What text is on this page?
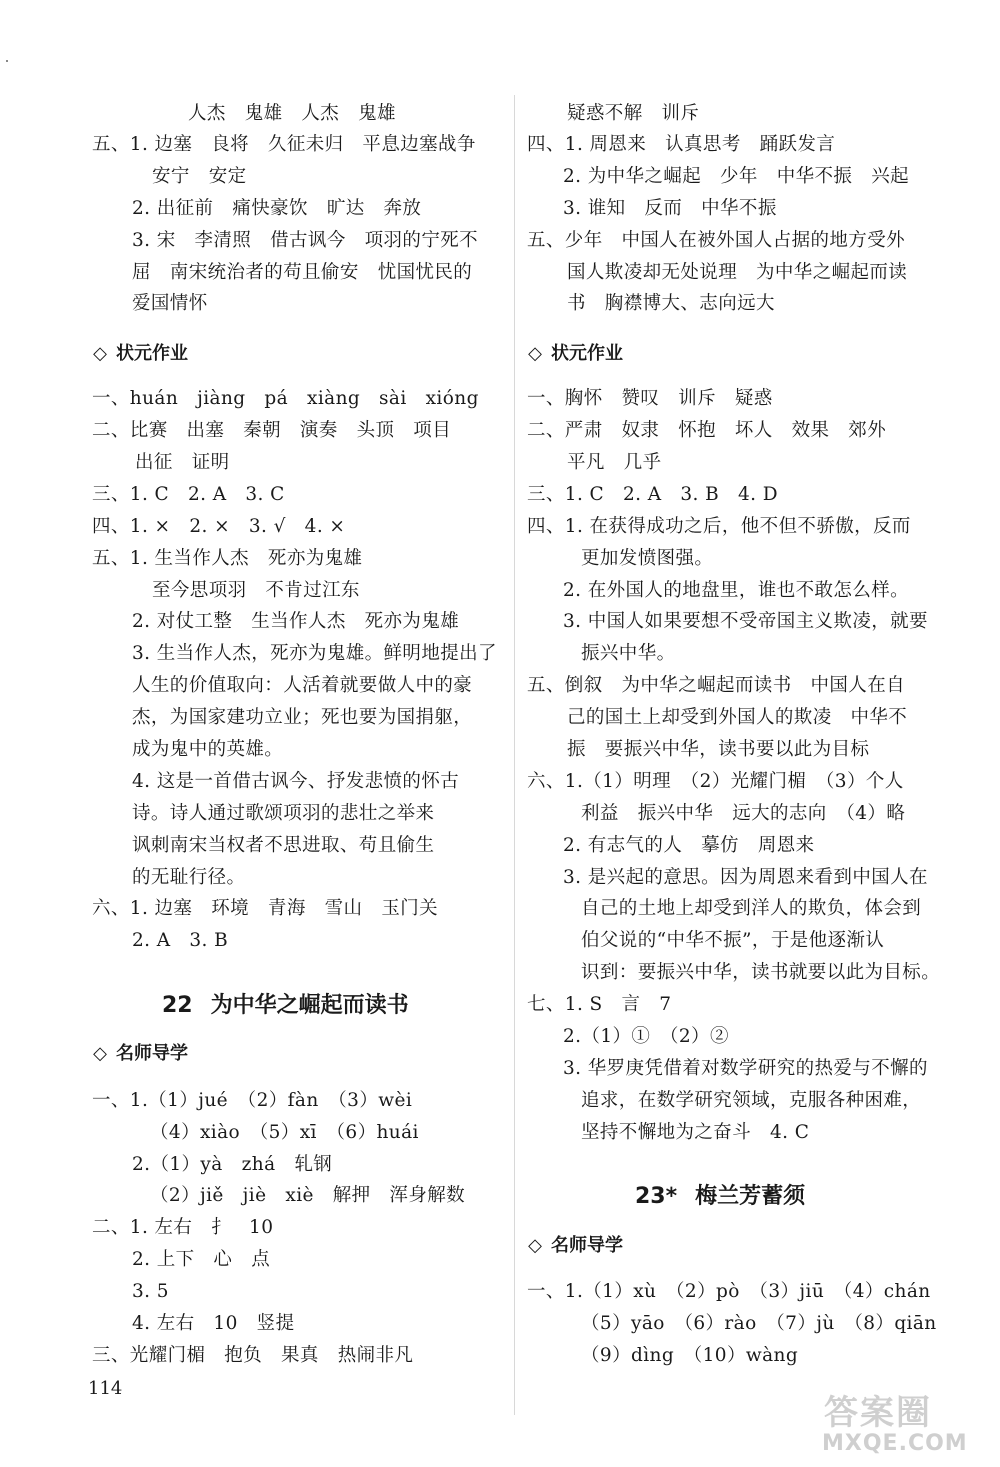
人杰　鬼雄　人杰　鬼雄
五、1. 边塞　良将　久征未归　平息边塞战争
安宁　安定
2. 出征前　痛快豪饮　旷达　奔放
3. 宋　李清照　借古讽今　项羽的宁死不
屈　南宋统治者的苟且偷安　忧国忧民的
爱国情怀
◇ 状元作业
一、huán　jiàng　pá　xiàng　sài　xióng
二、比赛　出塞　秦朝　演奏　头顶　项目
出征　证明
三、1. C　2. A　3. C
四、1. ×　2. ×　3. √　4. ×
五、1. 生当作人杰　死亦为鬼雄
至今思项羽　不肯过江东
2. 对仗工整　生当作人杰　死亦为鬼雄
3. 生当作人杰，死亦为鬼雄。鲜明地提出了
人生的价值取向：人活着就要做人中的豪
杰，为国家建功立业；死也要为国捐躯，
成为鬼中的英雄。
4. 这是一首借古讽今、抒发悲愤的怀古
诗。诗人通过歌颂项羽的悲壮之举来
讽刺南宋当权者不思进取、苟且偷生
的无耻行径。
六、1. 边塞　环境　青海　雪山　玉门关
2. A　3. B
22 为中华之崛起而读书
◇ 名师导学
一、1.（1）jué　（2）fàn　（3）wèi
（4）xiào　（5）xī　（6）huái
2.（1）yà　zhá　轧钢
（2）jiě　jiè　xiè　解押　浑身解数
二、1. 左右　扌　10
2. 上下　心　点
3. 5　
4. 左右　10　竖提
三、光耀门楣　抱负　果真　热闹非凡
疑惑不解　训斥
四、1. 周恩来　认真思考　踊跃发言
2. 为中华之崛起　少年　中华不振　兴起
3. 谁知　反而　中华不振
五、少年　中国人在被外国人占据的地方受外
国人欺凌却无处说理　为中华之崛起而读
书　胸襟博大、志向远大
◇ 状元作业
一、胸怀　赞叹　训斥　疑惑
二、严肃　奴隶　怀抱　坏人　效果　郊外
平凡　几乎
三、1. C　2. A　3. B　4. D
四、1. 在获得成功之后，他不但不骄傲，反而
更加发愤图强。
2. 在外国人的地盘里，谁也不敢怎么样。
3. 中国人如果要想不受帝国主义欺凌，就要
振兴中华。
五、倒叙　为中华之崛起而读书　中国人在自
己的国土上却受到外国人的欺凌　中华不
振　要振兴中华，读书要以此为目标
六、1.（1）明理　（2）光耀门楣　（3）个人
利益　振兴中华　远大的志向　（4）略
2. 有志气的人　摹仿　周恩来
3. 是兴起的意思。因为周恩来看到中国人在
自己的土地上却受到洋人的欺负，体会到
伯父说的“中华不振”，于是他逐渐认
识到：要振兴中华，读书就要以此为目标。
七、1. S　言　7
2.（1）①　（2）②
3. 华罗庚凭借着对数学研究的热爱与不懈的
追求，在数学研究领域，克服各种困难，
坚持不懈地为之奋斗　4. C
23* 梅兰芳蓄须
◇ 名师导学
一、1.（1）xù　（2）pò　（3）jiū　（4）chán
（5）yāo　（6）rào　（7）jù　（8）qiān
（9）dìng　（10）wàng
114
答案圈
MXQE.COM
